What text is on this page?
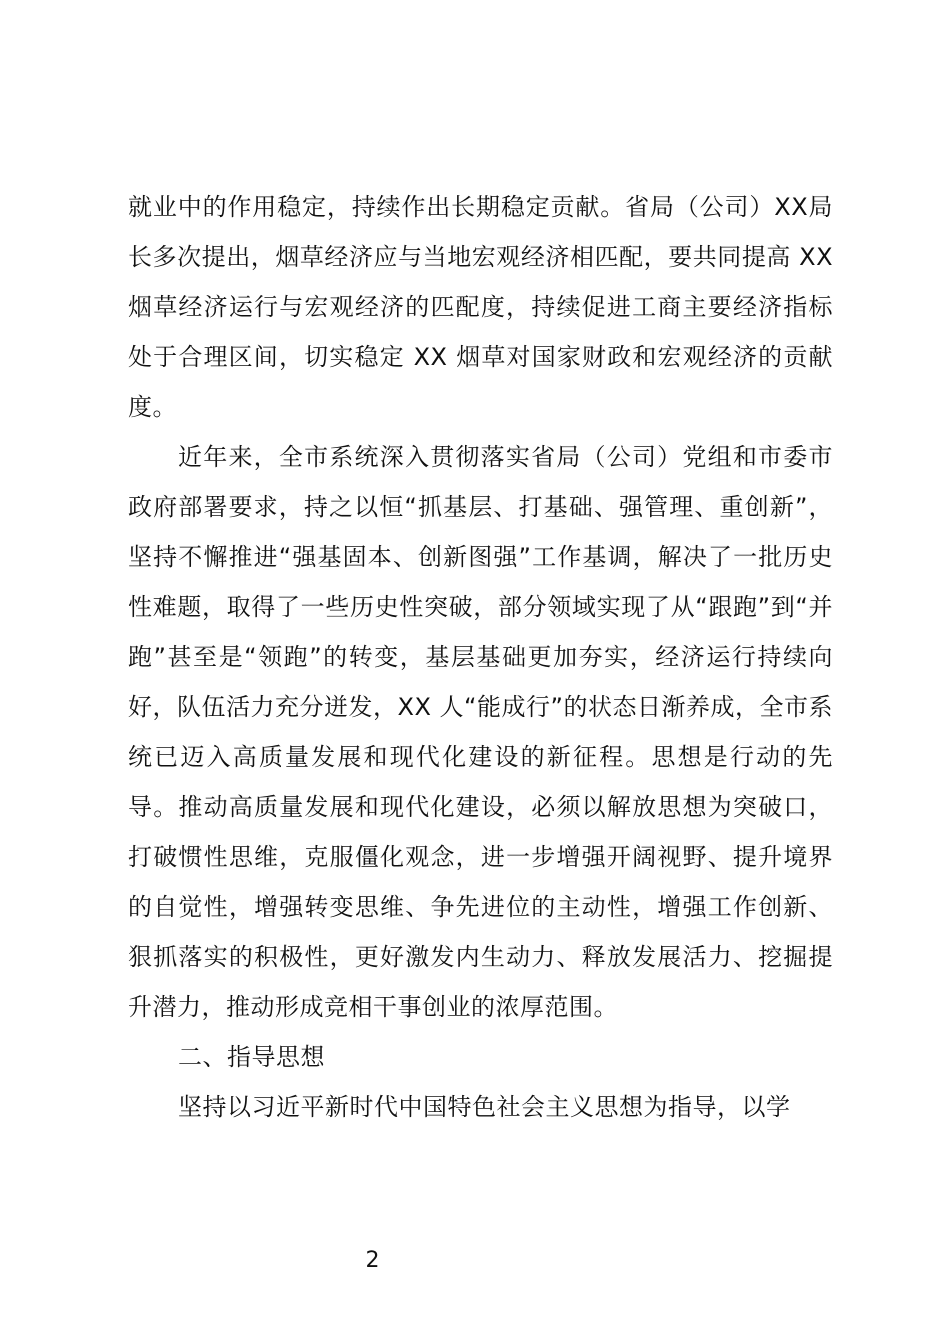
就业中的作用稳定，持续作出长期稳定贡献。省局（公司）XX局长多次提出，烟草经济应与当地宏观经济相匹配，要共同提高 XX 烟草经济运行与宏观经济的匹配度，持续促进工商主要经济指标处于合理区间，切实稳定 XX 烟草对国家财政和宏观经济的贡献度。

近年来，全市系统深入贯彻落实省局（公司）党组和市委市政府部署要求，持之以恒“抓基层、打基础、强管理、重创新”，坚持不懈推进“强基固本、创新图强”工作基调，解决了一批历史性难题，取得了一些历史性突破，部分领域实现了从“跟跑”到“并跑”甚至是“领跑”的转变，基层基础更加夯实，经济运行持续向好，队伍活力充分迸发，XX 人“能成行”的状态日渐养成，全市系统已迈入高质量发展和现代化建设的新征程。思想是行动的先导。推动高质量发展和现代化建设，必须以解放思想为突破口，打破惯性思维，克服僵化观念，进一步增强开阔视野、提升境界的自觉性，增强转变思维、争先进位的主动性，增强工作创新、狠抓落实的积极性，更好激发内生动力、释放发展活力、挖掘提升潜力，推动形成竞相干事创业的浓厚范围。

二、指导思想

坚持以习近平新时代中国特色社会主义思想为指导，以学

2
